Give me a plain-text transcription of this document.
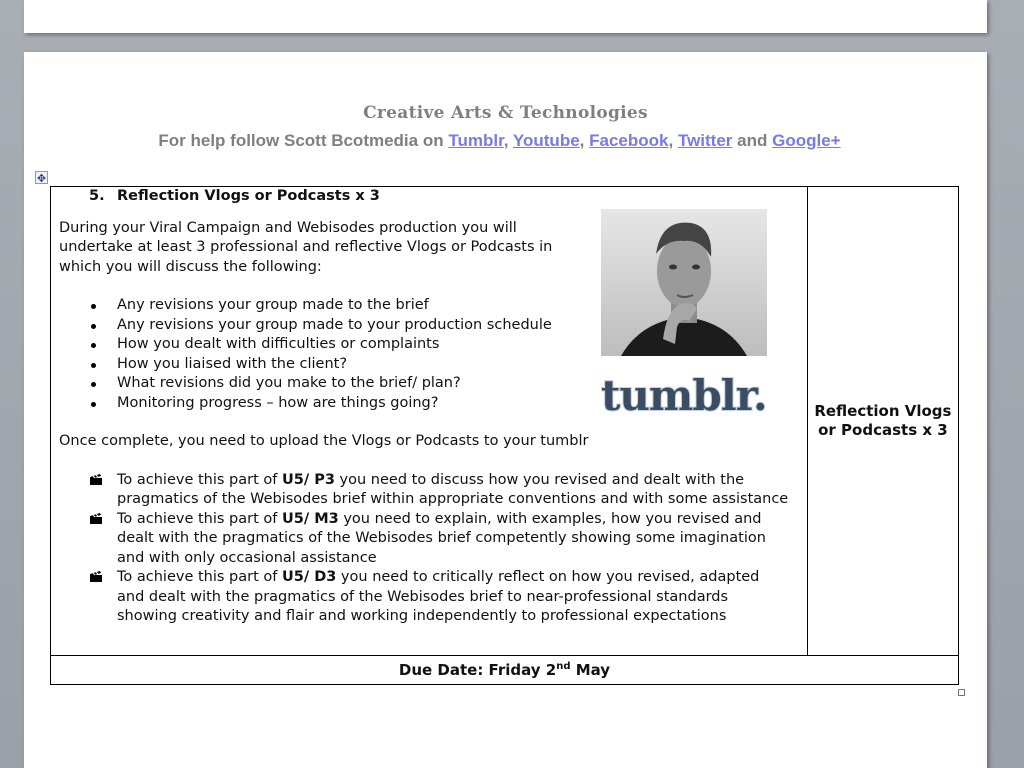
Creative Arts & Technologies
For help follow Scott Bcotmedia on Tumblr, Youtube, Facebook, Twitter and Google+
✥

5. Reflection Vlogs or Podcasts x 3

During your Viral Campaign and Webisodes production you will undertake at least 3 professional and reflective Vlogs or Podcasts in which you will discuss the following:
Any revisions your group made to the brief
Any revisions your group made to your production schedule
How you dealt with difficulties or complaints
How you liaised with the client?
What revisions did you make to the brief/ plan?
Monitoring progress – how are things going?
Once complete, you need to upload the Vlogs or Podcasts to your tumblr
To achieve this part of U5/ P3 you need to discuss how you revised and dealt with the pragmatics of the Webisodes brief within appropriate conventions and with some assistance
To achieve this part of U5/ M3 you need to explain, with examples, how you revised and dealt with the pragmatics of the Webisodes brief competently showing some imagination and with only occasional assistance
To achieve this part of U5/ D3 you need to critically reflect on how you revised, adapted and dealt with the pragmatics of the Webisodes brief to near-professional standards showing creativity and flair and working independently to professional expectations
tumblr.	Reflection Vlogs or Podcasts x 3
Due Date: Friday 2nd May
